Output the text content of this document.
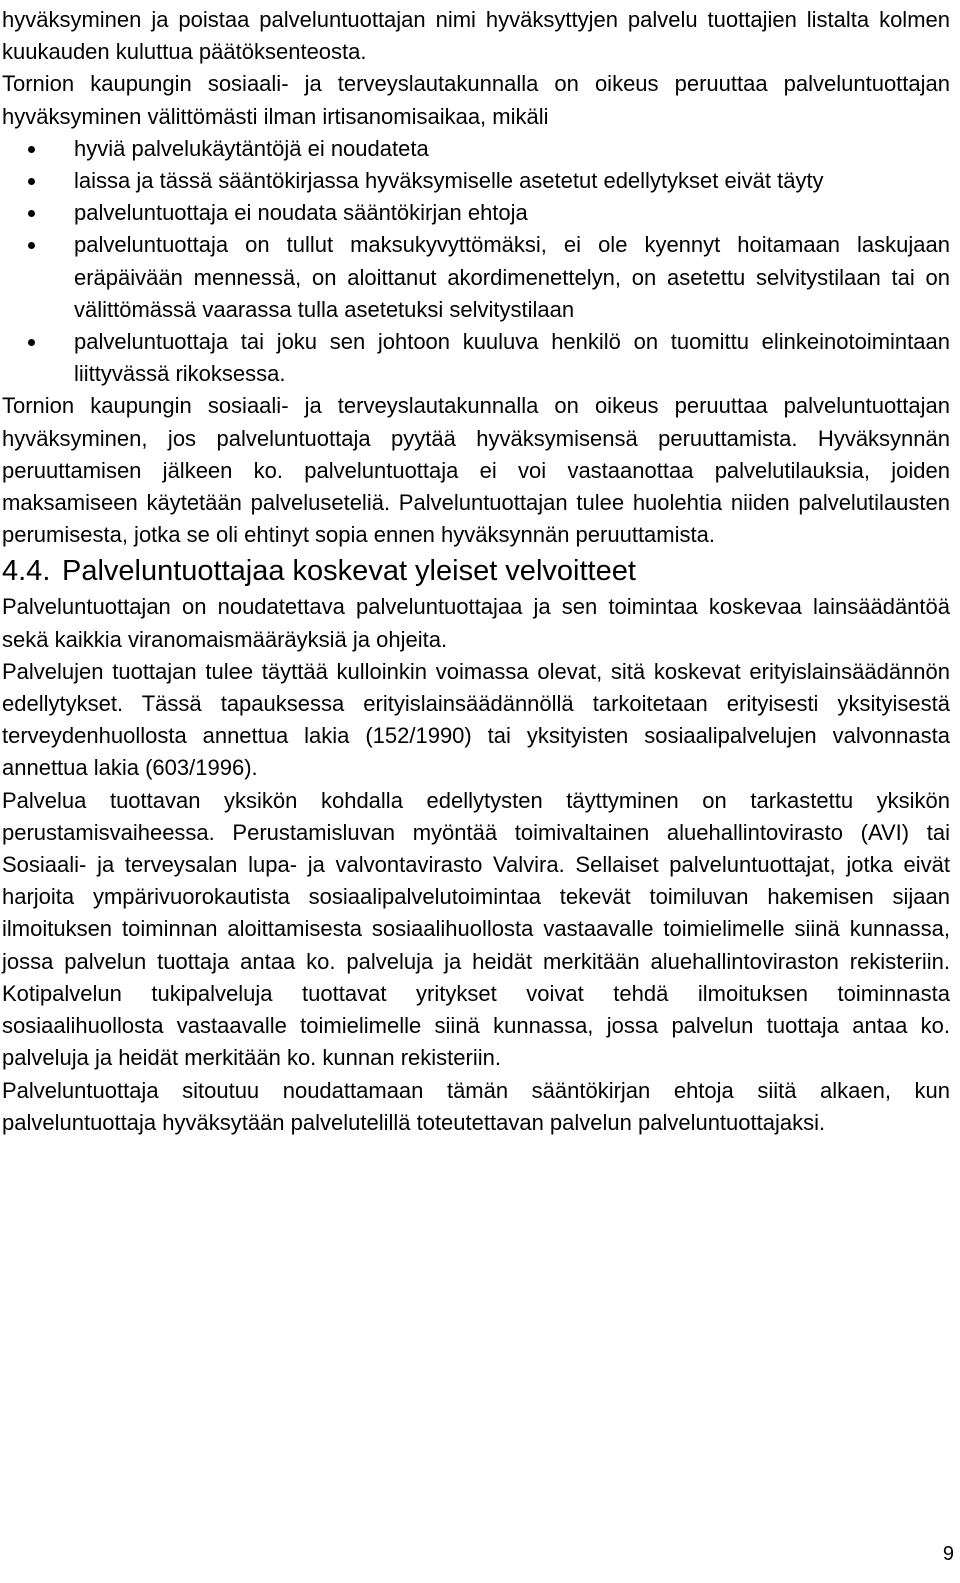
hyväksyminen ja poistaa palveluntuottajan nimi hyväksyttyjen palvelu tuottajien listalta kolmen kuukauden kuluttua päätöksenteosta.

Tornion kaupungin sosiaali- ja terveyslautakunnalla on oikeus peruuttaa palveluntuottajan hyväksyminen välittömästi ilman irtisanomisaikaa, mikäli

hyviä palvelukäytäntöjä ei noudateta
laissa ja tässä sääntökirjassa hyväksymiselle asetetut edellytykset eivät täyty
palveluntuottaja ei noudata sääntökirjan ehtoja
palveluntuottaja on tullut maksukyvyttömäksi, ei ole kyennyt hoitamaan laskujaan eräpäivään mennessä, on aloittanut akordimenettelyn, on asetettu selvitystilaan tai on välittömässä vaarassa tulla asetetuksi selvitystilaan
palveluntuottaja tai joku sen johtoon kuuluva henkilö on tuomittu elinkeinotoimintaan liittyvässä rikoksessa.

Tornion kaupungin sosiaali- ja terveyslautakunnalla on oikeus peruuttaa palveluntuottajan hyväksyminen, jos palveluntuottaja pyytää hyväksymisensä peruuttamista. Hyväksynnän peruuttamisen jälkeen ko. palveluntuottaja ei voi vastaanottaa palvelutilauksia, joiden maksamiseen käytetään palveluseteliä. Palveluntuottajan tulee huolehtia niiden palvelutilausten perumisesta, jotka se oli ehtinyt sopia ennen hyväksynnän peruuttamista.

4.4. Palveluntuottajaa koskevat yleiset velvoitteet

Palveluntuottajan on noudatettava palveluntuottajaa ja sen toimintaa koskevaa lainsäädäntöä sekä kaikkia viranomaismääräyksiä ja ohjeita.

Palvelujen tuottajan tulee täyttää kulloinkin voimassa olevat, sitä koskevat erityislainsäädännön edellytykset. Tässä tapauksessa erityislainsäädännöllä tarkoitetaan erityisesti yksityisestä terveydenhuollosta annettua lakia (152/1990) tai yksityisten sosiaalipalvelujen valvonnasta annettua lakia (603/1996).

Palvelua tuottavan yksikön kohdalla edellytysten täyttyminen on tarkastettu yksikön perustamisvaiheessa. Perustamisluvan myöntää toimivaltainen aluehallintovirasto (AVI) tai Sosiaali- ja terveysalan lupa- ja valvontavirasto Valvira. Sellaiset palveluntuottajat, jotka eivät harjoita ympärivuorokautista sosiaalipalvelutoimintaa tekevät toimiluvan hakemisen sijaan ilmoituksen toiminnan aloittamisesta sosiaalihuollosta vastaavalle toimielimelle siinä kunnassa, jossa palvelun tuottaja antaa ko. palveluja ja heidät merkitään aluehallintoviraston rekisteriin. Kotipalvelun tukipalveluja tuottavat yritykset voivat tehdä ilmoituksen toiminnasta sosiaalihuollosta vastaavalle toimielimelle siinä kunnassa, jossa palvelun tuottaja antaa ko. palveluja ja heidät merkitään ko. kunnan rekisteriin.

Palveluntuottaja sitoutuu noudattamaan tämän sääntökirjan ehtoja siitä alkaen, kun palveluntuottaja hyväksytään palvelutelillä toteutettavan palvelun palveluntuottajaksi.

9
